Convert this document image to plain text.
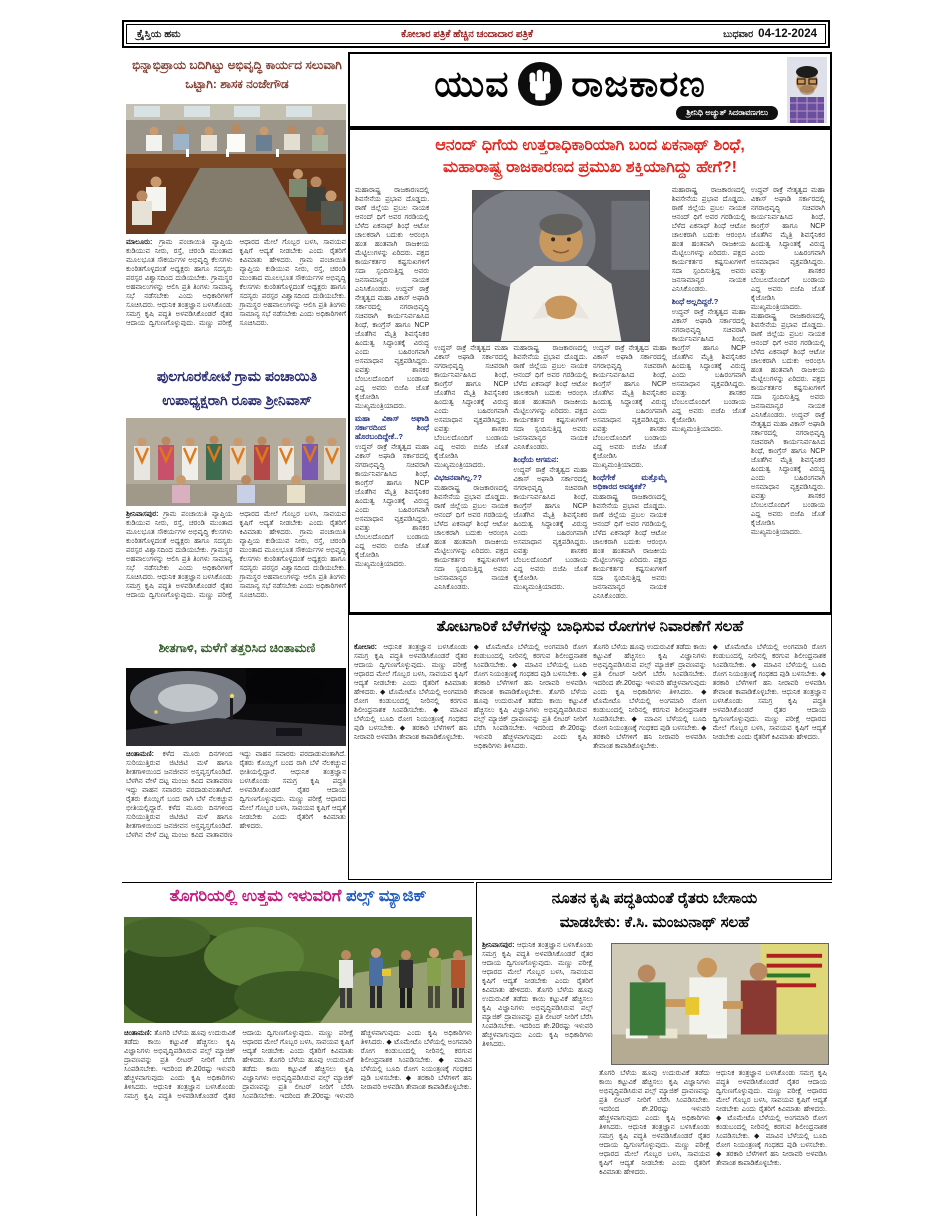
ಕ್ರೈಸ್ತಿಯ ಹಮ	ಕೋಲಾರ ಪತ್ರಿಕೆ ಹೆಚ್ಚಿನ ಚಂದಾದಾರ ಪತ್ರಿಕೆ	ಬುಧವಾರ 04-12-2024
ಭಿನ್ನಾಭಿಪ್ರಾಯ ಬದಿಗಿಟ್ಟು ಅಭಿವೃದ್ಧಿ ಕಾರ್ಯದ ಸಲುವಾಗಿ ಒಟ್ಟಾಗಿ: ಶಾಸಕ ನಂಜೇಗೌಡ
ಮಾಲೂರು: ಗ್ರಾಮ ಪಂಚಾಯಿತಿ ವ್ಯಾಪ್ತಿಯ ಕುಡಿಯುವ ನೀರು, ರಸ್ತೆ, ಚರಂಡಿ ಮುಂತಾದ ಮೂಲಭೂತ ಸೌಕರ್ಯಗಳ ಅಭಿವೃದ್ಧಿ ಕೆಲಸಗಳು ಕುಂಠಿತಗೊಳ್ಳದಂತೆ ಅಧ್ಯಕ್ಷರು ಹಾಗೂ ಸದಸ್ಯರು ಪರಸ್ಪರ ವಿಶ್ವಾಸದಿಂದ ದುಡಿಯಬೇಕು. ಗ್ರಾಮಸ್ಥರ ಅಹವಾಲುಗಳನ್ನು ಆಲಿಸಿ ಪ್ರತಿ ತಿಂಗಳು ಸಾಮಾನ್ಯ ಸಭೆ ನಡೆಸಬೇಕು ಎಂದು ಅಧಿಕಾರಿಗಳಿಗೆ ಸೂಚಿಸಿದರು. ಆಧುನಿಕ ತಂತ್ರಜ್ಞಾನ ಬಳಸಿಕೊಂಡು ಸಮಗ್ರ ಕೃಷಿ ಪದ್ಧತಿ ಅಳವಡಿಸಿಕೊಂಡರೆ ರೈತರ ಆದಾಯ ದ್ವಿಗುಣಗೊಳ್ಳುವುದು. ಮಣ್ಣು ಪರೀಕ್ಷೆ ಆಧಾರದ ಮೇಲೆ ಗೊಬ್ಬರ ಬಳಸಿ, ಸಾವಯವ ಕೃಷಿಗೆ ಆದ್ಯತೆ ನೀಡಬೇಕು ಎಂದು ರೈತರಿಗೆ ಕಿವಿಮಾತು ಹೇಳಿದರು. ಗ್ರಾಮ ಪಂಚಾಯಿತಿ ವ್ಯಾಪ್ತಿಯ ಕುಡಿಯುವ ನೀರು, ರಸ್ತೆ, ಚರಂಡಿ ಮುಂತಾದ ಮೂಲಭೂತ ಸೌಕರ್ಯಗಳ ಅಭಿವೃದ್ಧಿ ಕೆಲಸಗಳು ಕುಂಠಿತಗೊಳ್ಳದಂತೆ ಅಧ್ಯಕ್ಷರು ಹಾಗೂ ಸದಸ್ಯರು ಪರಸ್ಪರ ವಿಶ್ವಾಸದಿಂದ ದುಡಿಯಬೇಕು. ಗ್ರಾಮಸ್ಥರ ಅಹವಾಲುಗಳನ್ನು ಆಲಿಸಿ ಪ್ರತಿ ತಿಂಗಳು ಸಾಮಾನ್ಯ ಸಭೆ ನಡೆಸಬೇಕು ಎಂದು ಅಧಿಕಾರಿಗಳಿಗೆ ಸೂಚಿಸಿದರು.
ಪುಲಗೂರಕೋಟೆ ಗ್ರಾಮ ಪಂಚಾಯಿತಿ ಉಪಾಧ್ಯಕ್ಷರಾಗಿ ರೂಪಾ ಶ್ರೀನಿವಾಸ್
ಶ್ರೀನಿವಾಸಪುರ: ಗ್ರಾಮ ಪಂಚಾಯಿತಿ ವ್ಯಾಪ್ತಿಯ ಕುಡಿಯುವ ನೀರು, ರಸ್ತೆ, ಚರಂಡಿ ಮುಂತಾದ ಮೂಲಭೂತ ಸೌಕರ್ಯಗಳ ಅಭಿವೃದ್ಧಿ ಕೆಲಸಗಳು ಕುಂಠಿತಗೊಳ್ಳದಂತೆ ಅಧ್ಯಕ್ಷರು ಹಾಗೂ ಸದಸ್ಯರು ಪರಸ್ಪರ ವಿಶ್ವಾಸದಿಂದ ದುಡಿಯಬೇಕು. ಗ್ರಾಮಸ್ಥರ ಅಹವಾಲುಗಳನ್ನು ಆಲಿಸಿ ಪ್ರತಿ ತಿಂಗಳು ಸಾಮಾನ್ಯ ಸಭೆ ನಡೆಸಬೇಕು ಎಂದು ಅಧಿಕಾರಿಗಳಿಗೆ ಸೂಚಿಸಿದರು. ಆಧುನಿಕ ತಂತ್ರಜ್ಞಾನ ಬಳಸಿಕೊಂಡು ಸಮಗ್ರ ಕೃಷಿ ಪದ್ಧತಿ ಅಳವಡಿಸಿಕೊಂಡರೆ ರೈತರ ಆದಾಯ ದ್ವಿಗುಣಗೊಳ್ಳುವುದು. ಮಣ್ಣು ಪರೀಕ್ಷೆ ಆಧಾರದ ಮೇಲೆ ಗೊಬ್ಬರ ಬಳಸಿ, ಸಾವಯವ ಕೃಷಿಗೆ ಆದ್ಯತೆ ನೀಡಬೇಕು ಎಂದು ರೈತರಿಗೆ ಕಿವಿಮಾತು ಹೇಳಿದರು. ಗ್ರಾಮ ಪಂಚಾಯಿತಿ ವ್ಯಾಪ್ತಿಯ ಕುಡಿಯುವ ನೀರು, ರಸ್ತೆ, ಚರಂಡಿ ಮುಂತಾದ ಮೂಲಭೂತ ಸೌಕರ್ಯಗಳ ಅಭಿವೃದ್ಧಿ ಕೆಲಸಗಳು ಕುಂಠಿತಗೊಳ್ಳದಂತೆ ಅಧ್ಯಕ್ಷರು ಹಾಗೂ ಸದಸ್ಯರು ಪರಸ್ಪರ ವಿಶ್ವಾಸದಿಂದ ದುಡಿಯಬೇಕು. ಗ್ರಾಮಸ್ಥರ ಅಹವಾಲುಗಳನ್ನು ಆಲಿಸಿ ಪ್ರತಿ ತಿಂಗಳು ಸಾಮಾನ್ಯ ಸಭೆ ನಡೆಸಬೇಕು ಎಂದು ಅಧಿಕಾರಿಗಳಿಗೆ ಸೂಚಿಸಿದರು.
ಶೀತಗಾಳಿ, ಮಳೆಗೆ ತತ್ತರಿಸಿದ ಚಿಂತಾಮಣಿ
ಚಿಂತಾಮಣಿ: ಕಳೆದ ಮೂರು ದಿನಗಳಿಂದ ಸುರಿಯುತ್ತಿರುವ ಜಿಟಿಜಿಟಿ ಮಳೆ ಹಾಗೂ ಶೀತಗಾಳಿಯಿಂದ ಜನಜೀವನ ಅಸ್ತವ್ಯಸ್ತಗೊಂಡಿದೆ. ಬೆಳಗಿನ ವೇಳೆ ದಟ್ಟ ಮಂಜು ಕವಿದ ವಾತಾವರಣ ಇದ್ದು ವಾಹನ ಸವಾರರು ಪರದಾಡುವಂತಾಗಿದೆ. ರೈತರು ಕೊಯ್ಲಿಗೆ ಬಂದ ರಾಗಿ ಬೆಳೆ ನೆಲಕಚ್ಚುವ ಭೀತಿಯಲ್ಲಿದ್ದಾರೆ. ಕಳೆದ ಮೂರು ದಿನಗಳಿಂದ ಸುರಿಯುತ್ತಿರುವ ಜಿಟಿಜಿಟಿ ಮಳೆ ಹಾಗೂ ಶೀತಗಾಳಿಯಿಂದ ಜನಜೀವನ ಅಸ್ತವ್ಯಸ್ತಗೊಂಡಿದೆ. ಬೆಳಗಿನ ವೇಳೆ ದಟ್ಟ ಮಂಜು ಕವಿದ ವಾತಾವರಣ ಇದ್ದು ವಾಹನ ಸವಾರರು ಪರದಾಡುವಂತಾಗಿದೆ. ರೈತರು ಕೊಯ್ಲಿಗೆ ಬಂದ ರಾಗಿ ಬೆಳೆ ನೆಲಕಚ್ಚುವ ಭೀತಿಯಲ್ಲಿದ್ದಾರೆ. ಆಧುನಿಕ ತಂತ್ರಜ್ಞಾನ ಬಳಸಿಕೊಂಡು ಸಮಗ್ರ ಕೃಷಿ ಪದ್ಧತಿ ಅಳವಡಿಸಿಕೊಂಡರೆ ರೈತರ ಆದಾಯ ದ್ವಿಗುಣಗೊಳ್ಳುವುದು. ಮಣ್ಣು ಪರೀಕ್ಷೆ ಆಧಾರದ ಮೇಲೆ ಗೊಬ್ಬರ ಬಳಸಿ, ಸಾವಯವ ಕೃಷಿಗೆ ಆದ್ಯತೆ ನೀಡಬೇಕು ಎಂದು ರೈತರಿಗೆ ಕಿವಿಮಾತು ಹೇಳಿದರು.
ಯುವ ರಾಜಕಾರಣ
ಶ್ರೀನಿಧಿ ಅಚ್ಯುತ್ ಸಿದರಾವಣಗಲು
ಆನಂದ್ ಧಿಗೆಯ ಉತ್ತರಾಧಿಕಾರಿಯಾಗಿ ಬಂದ ಏಕನಾಥ್ ಶಿಂಧೆ,
ಮಹಾರಾಷ್ಟ್ರ ರಾಜಕಾರಣದ ಪ್ರಮುಖ ಶಕ್ತಿಯಾಗಿದ್ದು ಹೇಗೆ?!
ಮಹಾರಾಷ್ಟ್ರ ರಾಜಕಾರಣದಲ್ಲಿ ಶಿವಸೇನೆಯ ಪ್ರಭಾವ ದೊಡ್ಡದು. ಠಾಣೆ ಜಿಲ್ಲೆಯ ಪ್ರಬಲ ನಾಯಕ ಆನಂದ್ ಧಿಗೆ ಅವರ ಗರಡಿಯಲ್ಲಿ ಬೆಳೆದ ಏಕನಾಥ್ ಶಿಂಧೆ ಆಟೋ ಚಾಲಕರಾಗಿ ಬದುಕು ಆರಂಭಿಸಿ ಹಂತ ಹಂತವಾಗಿ ರಾಜಕೀಯ ಮೆಟ್ಟಿಲುಗಳನ್ನು ಏರಿದರು. ಪಕ್ಷದ ಕಾರ್ಯಕರ್ತರ ಕಷ್ಟಸುಖಗಳಿಗೆ ಸದಾ ಸ್ಪಂದಿಸುತ್ತಿದ್ದ ಅವರು ಜನಸಾಮಾನ್ಯರ ನಾಯಕ ಎನಿಸಿಕೊಂಡರು. ಉದ್ಧವ್ ಠಾಕ್ರೆ ನೇತೃತ್ವದ ಮಹಾ ವಿಕಾಸ್ ಅಘಾಡಿ ಸರ್ಕಾರದಲ್ಲಿ ನಗರಾಭಿವೃದ್ಧಿ ಸಚಿವರಾಗಿ ಕಾರ್ಯನಿರ್ವಹಿಸಿದ ಶಿಂಧೆ, ಕಾಂಗ್ರೆಸ್ ಹಾಗೂ NCP ಜೊತೆಗಿನ ಮೈತ್ರಿ ಶಿವಸೈನಿಕರ ಹಿಂದುತ್ವ ಸಿದ್ಧಾಂತಕ್ಕೆ ವಿರುದ್ಧ ಎಂದು ಬಹಿರಂಗವಾಗಿ ಅಸಮಾಧಾನ ವ್ಯಕ್ತಪಡಿಸಿದ್ದರು. ಐವತ್ತು ಶಾಸಕರ ಬೆಂಬಲದೊಂದಿಗೆ ಬಂಡಾಯ ಎದ್ದ ಅವರು ಬಿಜೆಪಿ ಜೊತೆ ಕೈಜೋಡಿಸಿ ಮುಖ್ಯಮಂತ್ರಿಯಾದರು.
ಮಹಾ ವಿಕಾಸ್ ಅಘಾಡಿ ಸರ್ಕಾರದಿಂದ ಶಿಂಧೆ ಹೊರಬಂದಿದ್ದೇಕೆ..?
ಉದ್ಧವ್ ಠಾಕ್ರೆ ನೇತೃತ್ವದ ಮಹಾ ವಿಕಾಸ್ ಅಘಾಡಿ ಸರ್ಕಾರದಲ್ಲಿ ನಗರಾಭಿವೃದ್ಧಿ ಸಚಿವರಾಗಿ ಕಾರ್ಯನಿರ್ವಹಿಸಿದ ಶಿಂಧೆ, ಕಾಂಗ್ರೆಸ್ ಹಾಗೂ NCP ಜೊತೆಗಿನ ಮೈತ್ರಿ ಶಿವಸೈನಿಕರ ಹಿಂದುತ್ವ ಸಿದ್ಧಾಂತಕ್ಕೆ ವಿರುದ್ಧ ಎಂದು ಬಹಿರಂಗವಾಗಿ ಅಸಮಾಧಾನ ವ್ಯಕ್ತಪಡಿಸಿದ್ದರು. ಐವತ್ತು ಶಾಸಕರ ಬೆಂಬಲದೊಂದಿಗೆ ಬಂಡಾಯ ಎದ್ದ ಅವರು ಬಿಜೆಪಿ ಜೊತೆ ಕೈಜೋಡಿಸಿ ಮುಖ್ಯಮಂತ್ರಿಯಾದರು.
ಉದ್ಧವ್ ಠಾಕ್ರೆ ನೇತೃತ್ವದ ಮಹಾ ವಿಕಾಸ್ ಅಘಾಡಿ ಸರ್ಕಾರದಲ್ಲಿ ನಗರಾಭಿವೃದ್ಧಿ ಸಚಿವರಾಗಿ ಕಾರ್ಯನಿರ್ವಹಿಸಿದ ಶಿಂಧೆ, ಕಾಂಗ್ರೆಸ್ ಹಾಗೂ NCP ಜೊತೆಗಿನ ಮೈತ್ರಿ ಶಿವಸೈನಿಕರ ಹಿಂದುತ್ವ ಸಿದ್ಧಾಂತಕ್ಕೆ ವಿರುದ್ಧ ಎಂದು ಬಹಿರಂಗವಾಗಿ ಅಸಮಾಧಾನ ವ್ಯಕ್ತಪಡಿಸಿದ್ದರು. ಐವತ್ತು ಶಾಸಕರ ಬೆಂಬಲದೊಂದಿಗೆ ಬಂಡಾಯ ಎದ್ದ ಅವರು ಬಿಜೆಪಿ ಜೊತೆ ಕೈಜೋಡಿಸಿ ಮುಖ್ಯಮಂತ್ರಿಯಾದರು.
ವಿಭಜನವಾಗಿಲ್ಲ.??
ಮಹಾರಾಷ್ಟ್ರ ರಾಜಕಾರಣದಲ್ಲಿ ಶಿವಸೇನೆಯ ಪ್ರಭಾವ ದೊಡ್ಡದು. ಠಾಣೆ ಜಿಲ್ಲೆಯ ಪ್ರಬಲ ನಾಯಕ ಆನಂದ್ ಧಿಗೆ ಅವರ ಗರಡಿಯಲ್ಲಿ ಬೆಳೆದ ಏಕನಾಥ್ ಶಿಂಧೆ ಆಟೋ ಚಾಲಕರಾಗಿ ಬದುಕು ಆರಂಭಿಸಿ ಹಂತ ಹಂತವಾಗಿ ರಾಜಕೀಯ ಮೆಟ್ಟಿಲುಗಳನ್ನು ಏರಿದರು. ಪಕ್ಷದ ಕಾರ್ಯಕರ್ತರ ಕಷ್ಟಸುಖಗಳಿಗೆ ಸದಾ ಸ್ಪಂದಿಸುತ್ತಿದ್ದ ಅವರು ಜನಸಾಮಾನ್ಯರ ನಾಯಕ ಎನಿಸಿಕೊಂಡರು.
ಮಹಾರಾಷ್ಟ್ರ ರಾಜಕಾರಣದಲ್ಲಿ ಶಿವಸೇನೆಯ ಪ್ರಭಾವ ದೊಡ್ಡದು. ಠಾಣೆ ಜಿಲ್ಲೆಯ ಪ್ರಬಲ ನಾಯಕ ಆನಂದ್ ಧಿಗೆ ಅವರ ಗರಡಿಯಲ್ಲಿ ಬೆಳೆದ ಏಕನಾಥ್ ಶಿಂಧೆ ಆಟೋ ಚಾಲಕರಾಗಿ ಬದುಕು ಆರಂಭಿಸಿ ಹಂತ ಹಂತವಾಗಿ ರಾಜಕೀಯ ಮೆಟ್ಟಿಲುಗಳನ್ನು ಏರಿದರು. ಪಕ್ಷದ ಕಾರ್ಯಕರ್ತರ ಕಷ್ಟಸುಖಗಳಿಗೆ ಸದಾ ಸ್ಪಂದಿಸುತ್ತಿದ್ದ ಅವರು ಜನಸಾಮಾನ್ಯರ ನಾಯಕ ಎನಿಸಿಕೊಂಡರು.
ಶಿಂಧೆಯ ಆಗಮನ:
ಉದ್ಧವ್ ಠಾಕ್ರೆ ನೇತೃತ್ವದ ಮಹಾ ವಿಕಾಸ್ ಅಘಾಡಿ ಸರ್ಕಾರದಲ್ಲಿ ನಗರಾಭಿವೃದ್ಧಿ ಸಚಿವರಾಗಿ ಕಾರ್ಯನಿರ್ವಹಿಸಿದ ಶಿಂಧೆ, ಕಾಂಗ್ರೆಸ್ ಹಾಗೂ NCP ಜೊತೆಗಿನ ಮೈತ್ರಿ ಶಿವಸೈನಿಕರ ಹಿಂದುತ್ವ ಸಿದ್ಧಾಂತಕ್ಕೆ ವಿರುದ್ಧ ಎಂದು ಬಹಿರಂಗವಾಗಿ ಅಸಮಾಧಾನ ವ್ಯಕ್ತಪಡಿಸಿದ್ದರು. ಐವತ್ತು ಶಾಸಕರ ಬೆಂಬಲದೊಂದಿಗೆ ಬಂಡಾಯ ಎದ್ದ ಅವರು ಬಿಜೆಪಿ ಜೊತೆ ಕೈಜೋಡಿಸಿ ಮುಖ್ಯಮಂತ್ರಿಯಾದರು.
ಉದ್ಧವ್ ಠಾಕ್ರೆ ನೇತೃತ್ವದ ಮಹಾ ವಿಕಾಸ್ ಅಘಾಡಿ ಸರ್ಕಾರದಲ್ಲಿ ನಗರಾಭಿವೃದ್ಧಿ ಸಚಿವರಾಗಿ ಕಾರ್ಯನಿರ್ವಹಿಸಿದ ಶಿಂಧೆ, ಕಾಂಗ್ರೆಸ್ ಹಾಗೂ NCP ಜೊತೆಗಿನ ಮೈತ್ರಿ ಶಿವಸೈನಿಕರ ಹಿಂದುತ್ವ ಸಿದ್ಧಾಂತಕ್ಕೆ ವಿರುದ್ಧ ಎಂದು ಬಹಿರಂಗವಾಗಿ ಅಸಮಾಧಾನ ವ್ಯಕ್ತಪಡಿಸಿದ್ದರು. ಐವತ್ತು ಶಾಸಕರ ಬೆಂಬಲದೊಂದಿಗೆ ಬಂಡಾಯ ಎದ್ದ ಅವರು ಬಿಜೆಪಿ ಜೊತೆ ಕೈಜೋಡಿಸಿ ಮುಖ್ಯಮಂತ್ರಿಯಾದರು.
ಶಿಂಧೆಗೇಕೆ ಮತ್ತೊಮ್ಮೆ ಅಧಿಕಾರದ ಅವಶ್ಯಕತೆ?
ಮಹಾರಾಷ್ಟ್ರ ರಾಜಕಾರಣದಲ್ಲಿ ಶಿವಸೇನೆಯ ಪ್ರಭಾವ ದೊಡ್ಡದು. ಠಾಣೆ ಜಿಲ್ಲೆಯ ಪ್ರಬಲ ನಾಯಕ ಆನಂದ್ ಧಿಗೆ ಅವರ ಗರಡಿಯಲ್ಲಿ ಬೆಳೆದ ಏಕನಾಥ್ ಶಿಂಧೆ ಆಟೋ ಚಾಲಕರಾಗಿ ಬದುಕು ಆರಂಭಿಸಿ ಹಂತ ಹಂತವಾಗಿ ರಾಜಕೀಯ ಮೆಟ್ಟಿಲುಗಳನ್ನು ಏರಿದರು. ಪಕ್ಷದ ಕಾರ್ಯಕರ್ತರ ಕಷ್ಟಸುಖಗಳಿಗೆ ಸದಾ ಸ್ಪಂದಿಸುತ್ತಿದ್ದ ಅವರು ಜನಸಾಮಾನ್ಯರ ನಾಯಕ ಎನಿಸಿಕೊಂಡರು.
ಮಹಾರಾಷ್ಟ್ರ ರಾಜಕಾರಣದಲ್ಲಿ ಶಿವಸೇನೆಯ ಪ್ರಭಾವ ದೊಡ್ಡದು. ಠಾಣೆ ಜಿಲ್ಲೆಯ ಪ್ರಬಲ ನಾಯಕ ಆನಂದ್ ಧಿಗೆ ಅವರ ಗರಡಿಯಲ್ಲಿ ಬೆಳೆದ ಏಕನಾಥ್ ಶಿಂಧೆ ಆಟೋ ಚಾಲಕರಾಗಿ ಬದುಕು ಆರಂಭಿಸಿ ಹಂತ ಹಂತವಾಗಿ ರಾಜಕೀಯ ಮೆಟ್ಟಿಲುಗಳನ್ನು ಏರಿದರು. ಪಕ್ಷದ ಕಾರ್ಯಕರ್ತರ ಕಷ್ಟಸುಖಗಳಿಗೆ ಸದಾ ಸ್ಪಂದಿಸುತ್ತಿದ್ದ ಅವರು ಜನಸಾಮಾನ್ಯರ ನಾಯಕ ಎನಿಸಿಕೊಂಡರು.
ಶಿಂಧೆ ಅಲ್ಲದಿದ್ದರೆ.?
ಉದ್ಧವ್ ಠಾಕ್ರೆ ನೇತೃತ್ವದ ಮಹಾ ವಿಕಾಸ್ ಅಘಾಡಿ ಸರ್ಕಾರದಲ್ಲಿ ನಗರಾಭಿವೃದ್ಧಿ ಸಚಿವರಾಗಿ ಕಾರ್ಯನಿರ್ವಹಿಸಿದ ಶಿಂಧೆ, ಕಾಂಗ್ರೆಸ್ ಹಾಗೂ NCP ಜೊತೆಗಿನ ಮೈತ್ರಿ ಶಿವಸೈನಿಕರ ಹಿಂದುತ್ವ ಸಿದ್ಧಾಂತಕ್ಕೆ ವಿರುದ್ಧ ಎಂದು ಬಹಿರಂಗವಾಗಿ ಅಸಮಾಧಾನ ವ್ಯಕ್ತಪಡಿಸಿದ್ದರು. ಐವತ್ತು ಶಾಸಕರ ಬೆಂಬಲದೊಂದಿಗೆ ಬಂಡಾಯ ಎದ್ದ ಅವರು ಬಿಜೆಪಿ ಜೊತೆ ಕೈಜೋಡಿಸಿ ಮುಖ್ಯಮಂತ್ರಿಯಾದರು.
ಉದ್ಧವ್ ಠಾಕ್ರೆ ನೇತೃತ್ವದ ಮಹಾ ವಿಕಾಸ್ ಅಘಾಡಿ ಸರ್ಕಾರದಲ್ಲಿ ನಗರಾಭಿವೃದ್ಧಿ ಸಚಿವರಾಗಿ ಕಾರ್ಯನಿರ್ವಹಿಸಿದ ಶಿಂಧೆ, ಕಾಂಗ್ರೆಸ್ ಹಾಗೂ NCP ಜೊತೆಗಿನ ಮೈತ್ರಿ ಶಿವಸೈನಿಕರ ಹಿಂದುತ್ವ ಸಿದ್ಧಾಂತಕ್ಕೆ ವಿರುದ್ಧ ಎಂದು ಬಹಿರಂಗವಾಗಿ ಅಸಮಾಧಾನ ವ್ಯಕ್ತಪಡಿಸಿದ್ದರು. ಐವತ್ತು ಶಾಸಕರ ಬೆಂಬಲದೊಂದಿಗೆ ಬಂಡಾಯ ಎದ್ದ ಅವರು ಬಿಜೆಪಿ ಜೊತೆ ಕೈಜೋಡಿಸಿ ಮುಖ್ಯಮಂತ್ರಿಯಾದರು.ಮಹಾರಾಷ್ಟ್ರ ರಾಜಕಾರಣದಲ್ಲಿ ಶಿವಸೇನೆಯ ಪ್ರಭಾವ ದೊಡ್ಡದು. ಠಾಣೆ ಜಿಲ್ಲೆಯ ಪ್ರಬಲ ನಾಯಕ ಆನಂದ್ ಧಿಗೆ ಅವರ ಗರಡಿಯಲ್ಲಿ ಬೆಳೆದ ಏಕನಾಥ್ ಶಿಂಧೆ ಆಟೋ ಚಾಲಕರಾಗಿ ಬದುಕು ಆರಂಭಿಸಿ ಹಂತ ಹಂತವಾಗಿ ರಾಜಕೀಯ ಮೆಟ್ಟಿಲುಗಳನ್ನು ಏರಿದರು. ಪಕ್ಷದ ಕಾರ್ಯಕರ್ತರ ಕಷ್ಟಸುಖಗಳಿಗೆ ಸದಾ ಸ್ಪಂದಿಸುತ್ತಿದ್ದ ಅವರು ಜನಸಾಮಾನ್ಯರ ನಾಯಕ ಎನಿಸಿಕೊಂಡರು. ಉದ್ಧವ್ ಠಾಕ್ರೆ ನೇತೃತ್ವದ ಮಹಾ ವಿಕಾಸ್ ಅಘಾಡಿ ಸರ್ಕಾರದಲ್ಲಿ ನಗರಾಭಿವೃದ್ಧಿ ಸಚಿವರಾಗಿ ಕಾರ್ಯನಿರ್ವಹಿಸಿದ ಶಿಂಧೆ, ಕಾಂಗ್ರೆಸ್ ಹಾಗೂ NCP ಜೊತೆಗಿನ ಮೈತ್ರಿ ಶಿವಸೈನಿಕರ ಹಿಂದುತ್ವ ಸಿದ್ಧಾಂತಕ್ಕೆ ವಿರುದ್ಧ ಎಂದು ಬಹಿರಂಗವಾಗಿ ಅಸಮಾಧಾನ ವ್ಯಕ್ತಪಡಿಸಿದ್ದರು. ಐವತ್ತು ಶಾಸಕರ ಬೆಂಬಲದೊಂದಿಗೆ ಬಂಡಾಯ ಎದ್ದ ಅವರು ಬಿಜೆಪಿ ಜೊತೆ ಕೈಜೋಡಿಸಿ ಮುಖ್ಯಮಂತ್ರಿಯಾದರು.
ತೋಟಗಾರಿಕೆ ಬೆಳೆಗಳನ್ನು ಬಾಧಿಸುವ ರೋಗಗಳ ನಿವಾರಣೆಗೆ ಸಲಹೆ
ಕೋಲಾರ: ಆಧುನಿಕ ತಂತ್ರಜ್ಞಾನ ಬಳಸಿಕೊಂಡು ಸಮಗ್ರ ಕೃಷಿ ಪದ್ಧತಿ ಅಳವಡಿಸಿಕೊಂಡರೆ ರೈತರ ಆದಾಯ ದ್ವಿಗುಣಗೊಳ್ಳುವುದು. ಮಣ್ಣು ಪರೀಕ್ಷೆ ಆಧಾರದ ಮೇಲೆ ಗೊಬ್ಬರ ಬಳಸಿ, ಸಾವಯವ ಕೃಷಿಗೆ ಆದ್ಯತೆ ನೀಡಬೇಕು ಎಂದು ರೈತರಿಗೆ ಕಿವಿಮಾತು ಹೇಳಿದರು. ◆ ಟೊಮೇಟೊ ಬೆಳೆಯಲ್ಲಿ ಅಂಗಮಾರಿ ರೋಗ ಕಂಡುಬಂದಲ್ಲಿ ನೀರಿನಲ್ಲಿ ಕರಗುವ ಶಿಲೀಂಧ್ರನಾಶಕ ಸಿಂಪಡಿಸಬೇಕು. ◆ ಮಾವಿನ ಬೆಳೆಯಲ್ಲಿ ಬೂದಿ ರೋಗ ನಿಯಂತ್ರಣಕ್ಕೆ ಗಂಧಕದ ಪುಡಿ ಬಳಸಬೇಕು. ◆ ತರಕಾರಿ ಬೆಳೆಗಳಿಗೆ ಹನಿ ನೀರಾವರಿ ಅಳವಡಿಸಿ ತೇವಾಂಶ ಕಾಪಾಡಿಕೊಳ್ಳಬೇಕು.
◆ ಟೊಮೇಟೊ ಬೆಳೆಯಲ್ಲಿ ಅಂಗಮಾರಿ ರೋಗ ಕಂಡುಬಂದಲ್ಲಿ ನೀರಿನಲ್ಲಿ ಕರಗುವ ಶಿಲೀಂಧ್ರನಾಶಕ ಸಿಂಪಡಿಸಬೇಕು. ◆ ಮಾವಿನ ಬೆಳೆಯಲ್ಲಿ ಬೂದಿ ರೋಗ ನಿಯಂತ್ರಣಕ್ಕೆ ಗಂಧಕದ ಪುಡಿ ಬಳಸಬೇಕು. ◆ ತರಕಾರಿ ಬೆಳೆಗಳಿಗೆ ಹನಿ ನೀರಾವರಿ ಅಳವಡಿಸಿ ತೇವಾಂಶ ಕಾಪಾಡಿಕೊಳ್ಳಬೇಕು. ತೊಗರಿ ಬೆಳೆಯ ಹೂವು ಉದುರುವಿಕೆ ತಡೆದು ಕಾಯಿ ಕಟ್ಟುವಿಕೆ ಹೆಚ್ಚಿಸಲು ಕೃಷಿ ವಿಜ್ಞಾನಿಗಳು ಅಭಿವೃದ್ಧಿಪಡಿಸಿರುವ ಪಲ್ಸ್ ಮ್ಯಾಜಿಕ್ ದ್ರಾವಣವನ್ನು ಪ್ರತಿ ಲೀಟರ್ ನೀರಿಗೆ ಬೆರೆಸಿ ಸಿಂಪಡಿಸಬೇಕು. ಇದರಿಂದ ಶೇ.20ರಷ್ಟು ಇಳುವರಿ ಹೆಚ್ಚಳವಾಗುವುದು ಎಂದು ಕೃಷಿ ಅಧಿಕಾರಿಗಳು ತಿಳಿಸಿದರು.
ತೊಗರಿ ಬೆಳೆಯ ಹೂವು ಉದುರುವಿಕೆ ತಡೆದು ಕಾಯಿ ಕಟ್ಟುವಿಕೆ ಹೆಚ್ಚಿಸಲು ಕೃಷಿ ವಿಜ್ಞಾನಿಗಳು ಅಭಿವೃದ್ಧಿಪಡಿಸಿರುವ ಪಲ್ಸ್ ಮ್ಯಾಜಿಕ್ ದ್ರಾವಣವನ್ನು ಪ್ರತಿ ಲೀಟರ್ ನೀರಿಗೆ ಬೆರೆಸಿ ಸಿಂಪಡಿಸಬೇಕು. ಇದರಿಂದ ಶೇ.20ರಷ್ಟು ಇಳುವರಿ ಹೆಚ್ಚಳವಾಗುವುದು ಎಂದು ಕೃಷಿ ಅಧಿಕಾರಿಗಳು ತಿಳಿಸಿದರು. ◆ ಟೊಮೇಟೊ ಬೆಳೆಯಲ್ಲಿ ಅಂಗಮಾರಿ ರೋಗ ಕಂಡುಬಂದಲ್ಲಿ ನೀರಿನಲ್ಲಿ ಕರಗುವ ಶಿಲೀಂಧ್ರನಾಶಕ ಸಿಂಪಡಿಸಬೇಕು. ◆ ಮಾವಿನ ಬೆಳೆಯಲ್ಲಿ ಬೂದಿ ರೋಗ ನಿಯಂತ್ರಣಕ್ಕೆ ಗಂಧಕದ ಪುಡಿ ಬಳಸಬೇಕು. ◆ ತರಕಾರಿ ಬೆಳೆಗಳಿಗೆ ಹನಿ ನೀರಾವರಿ ಅಳವಡಿಸಿ ತೇವಾಂಶ ಕಾಪಾಡಿಕೊಳ್ಳಬೇಕು.
◆ ಟೊಮೇಟೊ ಬೆಳೆಯಲ್ಲಿ ಅಂಗಮಾರಿ ರೋಗ ಕಂಡುಬಂದಲ್ಲಿ ನೀರಿನಲ್ಲಿ ಕರಗುವ ಶಿಲೀಂಧ್ರನಾಶಕ ಸಿಂಪಡಿಸಬೇಕು. ◆ ಮಾವಿನ ಬೆಳೆಯಲ್ಲಿ ಬೂದಿ ರೋಗ ನಿಯಂತ್ರಣಕ್ಕೆ ಗಂಧಕದ ಪುಡಿ ಬಳಸಬೇಕು. ◆ ತರಕಾರಿ ಬೆಳೆಗಳಿಗೆ ಹನಿ ನೀರಾವರಿ ಅಳವಡಿಸಿ ತೇವಾಂಶ ಕಾಪಾಡಿಕೊಳ್ಳಬೇಕು. ಆಧುನಿಕ ತಂತ್ರಜ್ಞಾನ ಬಳಸಿಕೊಂಡು ಸಮಗ್ರ ಕೃಷಿ ಪದ್ಧತಿ ಅಳವಡಿಸಿಕೊಂಡರೆ ರೈತರ ಆದಾಯ ದ್ವಿಗುಣಗೊಳ್ಳುವುದು. ಮಣ್ಣು ಪರೀಕ್ಷೆ ಆಧಾರದ ಮೇಲೆ ಗೊಬ್ಬರ ಬಳಸಿ, ಸಾವಯವ ಕೃಷಿಗೆ ಆದ್ಯತೆ ನೀಡಬೇಕು ಎಂದು ರೈತರಿಗೆ ಕಿವಿಮಾತು ಹೇಳಿದರು.
ತೊಗರಿಯಲ್ಲಿ ಉತ್ತಮ ಇಳುವರಿಗೆ ಪಲ್ಸ್ ಮ್ಯಾಜಿಕ್
ಚಿಂತಾಮಣಿ: ತೊಗರಿ ಬೆಳೆಯ ಹೂವು ಉದುರುವಿಕೆ ತಡೆದು ಕಾಯಿ ಕಟ್ಟುವಿಕೆ ಹೆಚ್ಚಿಸಲು ಕೃಷಿ ವಿಜ್ಞಾನಿಗಳು ಅಭಿವೃದ್ಧಿಪಡಿಸಿರುವ ಪಲ್ಸ್ ಮ್ಯಾಜಿಕ್ ದ್ರಾವಣವನ್ನು ಪ್ರತಿ ಲೀಟರ್ ನೀರಿಗೆ ಬೆರೆಸಿ ಸಿಂಪಡಿಸಬೇಕು. ಇದರಿಂದ ಶೇ.20ರಷ್ಟು ಇಳುವರಿ ಹೆಚ್ಚಳವಾಗುವುದು ಎಂದು ಕೃಷಿ ಅಧಿಕಾರಿಗಳು ತಿಳಿಸಿದರು. ಆಧುನಿಕ ತಂತ್ರಜ್ಞಾನ ಬಳಸಿಕೊಂಡು ಸಮಗ್ರ ಕೃಷಿ ಪದ್ಧತಿ ಅಳವಡಿಸಿಕೊಂಡರೆ ರೈತರ ಆದಾಯ ದ್ವಿಗುಣಗೊಳ್ಳುವುದು. ಮಣ್ಣು ಪರೀಕ್ಷೆ ಆಧಾರದ ಮೇಲೆ ಗೊಬ್ಬರ ಬಳಸಿ, ಸಾವಯವ ಕೃಷಿಗೆ ಆದ್ಯತೆ ನೀಡಬೇಕು ಎಂದು ರೈತರಿಗೆ ಕಿವಿಮಾತು ಹೇಳಿದರು. ತೊಗರಿ ಬೆಳೆಯ ಹೂವು ಉದುರುವಿಕೆ ತಡೆದು ಕಾಯಿ ಕಟ್ಟುವಿಕೆ ಹೆಚ್ಚಿಸಲು ಕೃಷಿ ವಿಜ್ಞಾನಿಗಳು ಅಭಿವೃದ್ಧಿಪಡಿಸಿರುವ ಪಲ್ಸ್ ಮ್ಯಾಜಿಕ್ ದ್ರಾವಣವನ್ನು ಪ್ರತಿ ಲೀಟರ್ ನೀರಿಗೆ ಬೆರೆಸಿ ಸಿಂಪಡಿಸಬೇಕು. ಇದರಿಂದ ಶೇ.20ರಷ್ಟು ಇಳುವರಿ ಹೆಚ್ಚಳವಾಗುವುದು ಎಂದು ಕೃಷಿ ಅಧಿಕಾರಿಗಳು ತಿಳಿಸಿದರು. ◆ ಟೊಮೇಟೊ ಬೆಳೆಯಲ್ಲಿ ಅಂಗಮಾರಿ ರೋಗ ಕಂಡುಬಂದಲ್ಲಿ ನೀರಿನಲ್ಲಿ ಕರಗುವ ಶಿಲೀಂಧ್ರನಾಶಕ ಸಿಂಪಡಿಸಬೇಕು. ◆ ಮಾವಿನ ಬೆಳೆಯಲ್ಲಿ ಬೂದಿ ರೋಗ ನಿಯಂತ್ರಣಕ್ಕೆ ಗಂಧಕದ ಪುಡಿ ಬಳಸಬೇಕು. ◆ ತರಕಾರಿ ಬೆಳೆಗಳಿಗೆ ಹನಿ ನೀರಾವರಿ ಅಳವಡಿಸಿ ತೇವಾಂಶ ಕಾಪಾಡಿಕೊಳ್ಳಬೇಕು.
ನೂತನ ಕೃಷಿ ಪದ್ಧತಿಯಂತೆ ರೈತರು ಬೇಸಾಯ
ಮಾಡಬೇಕು: ಕೆ.ಸಿ. ಮಂಜುನಾಥ್ ಸಲಹೆ
ಶ್ರೀನಿವಾಸಪುರ: ಆಧುನಿಕ ತಂತ್ರಜ್ಞಾನ ಬಳಸಿಕೊಂಡು ಸಮಗ್ರ ಕೃಷಿ ಪದ್ಧತಿ ಅಳವಡಿಸಿಕೊಂಡರೆ ರೈತರ ಆದಾಯ ದ್ವಿಗುಣಗೊಳ್ಳುವುದು. ಮಣ್ಣು ಪರೀಕ್ಷೆ ಆಧಾರದ ಮೇಲೆ ಗೊಬ್ಬರ ಬಳಸಿ, ಸಾವಯವ ಕೃಷಿಗೆ ಆದ್ಯತೆ ನೀಡಬೇಕು ಎಂದು ರೈತರಿಗೆ ಕಿವಿಮಾತು ಹೇಳಿದರು. ತೊಗರಿ ಬೆಳೆಯ ಹೂವು ಉದುರುವಿಕೆ ತಡೆದು ಕಾಯಿ ಕಟ್ಟುವಿಕೆ ಹೆಚ್ಚಿಸಲು ಕೃಷಿ ವಿಜ್ಞಾನಿಗಳು ಅಭಿವೃದ್ಧಿಪಡಿಸಿರುವ ಪಲ್ಸ್ ಮ್ಯಾಜಿಕ್ ದ್ರಾವಣವನ್ನು ಪ್ರತಿ ಲೀಟರ್ ನೀರಿಗೆ ಬೆರೆಸಿ ಸಿಂಪಡಿಸಬೇಕು. ಇದರಿಂದ ಶೇ.20ರಷ್ಟು ಇಳುವರಿ ಹೆಚ್ಚಳವಾಗುವುದು ಎಂದು ಕೃಷಿ ಅಧಿಕಾರಿಗಳು ತಿಳಿಸಿದರು.
ತೊಗರಿ ಬೆಳೆಯ ಹೂವು ಉದುರುವಿಕೆ ತಡೆದು ಕಾಯಿ ಕಟ್ಟುವಿಕೆ ಹೆಚ್ಚಿಸಲು ಕೃಷಿ ವಿಜ್ಞಾನಿಗಳು ಅಭಿವೃದ್ಧಿಪಡಿಸಿರುವ ಪಲ್ಸ್ ಮ್ಯಾಜಿಕ್ ದ್ರಾವಣವನ್ನು ಪ್ರತಿ ಲೀಟರ್ ನೀರಿಗೆ ಬೆರೆಸಿ ಸಿಂಪಡಿಸಬೇಕು. ಇದರಿಂದ ಶೇ.20ರಷ್ಟು ಇಳುವರಿ ಹೆಚ್ಚಳವಾಗುವುದು ಎಂದು ಕೃಷಿ ಅಧಿಕಾರಿಗಳು ತಿಳಿಸಿದರು. ಆಧುನಿಕ ತಂತ್ರಜ್ಞಾನ ಬಳಸಿಕೊಂಡು ಸಮಗ್ರ ಕೃಷಿ ಪದ್ಧತಿ ಅಳವಡಿಸಿಕೊಂಡರೆ ರೈತರ ಆದಾಯ ದ್ವಿಗುಣಗೊಳ್ಳುವುದು. ಮಣ್ಣು ಪರೀಕ್ಷೆ ಆಧಾರದ ಮೇಲೆ ಗೊಬ್ಬರ ಬಳಸಿ, ಸಾವಯವ ಕೃಷಿಗೆ ಆದ್ಯತೆ ನೀಡಬೇಕು ಎಂದು ರೈತರಿಗೆ ಕಿವಿಮಾತು ಹೇಳಿದರು.
ಆಧುನಿಕ ತಂತ್ರಜ್ಞಾನ ಬಳಸಿಕೊಂಡು ಸಮಗ್ರ ಕೃಷಿ ಪದ್ಧತಿ ಅಳವಡಿಸಿಕೊಂಡರೆ ರೈತರ ಆದಾಯ ದ್ವಿಗುಣಗೊಳ್ಳುವುದು. ಮಣ್ಣು ಪರೀಕ್ಷೆ ಆಧಾರದ ಮೇಲೆ ಗೊಬ್ಬರ ಬಳಸಿ, ಸಾವಯವ ಕೃಷಿಗೆ ಆದ್ಯತೆ ನೀಡಬೇಕು ಎಂದು ರೈತರಿಗೆ ಕಿವಿಮಾತು ಹೇಳಿದರು.◆ ಟೊಮೇಟೊ ಬೆಳೆಯಲ್ಲಿ ಅಂಗಮಾರಿ ರೋಗ ಕಂಡುಬಂದಲ್ಲಿ ನೀರಿನಲ್ಲಿ ಕರಗುವ ಶಿಲೀಂಧ್ರನಾಶಕ ಸಿಂಪಡಿಸಬೇಕು. ◆ ಮಾವಿನ ಬೆಳೆಯಲ್ಲಿ ಬೂದಿ ರೋಗ ನಿಯಂತ್ರಣಕ್ಕೆ ಗಂಧಕದ ಪುಡಿ ಬಳಸಬೇಕು. ◆ ತರಕಾರಿ ಬೆಳೆಗಳಿಗೆ ಹನಿ ನೀರಾವರಿ ಅಳವಡಿಸಿ ತೇವಾಂಶ ಕಾಪಾಡಿಕೊಳ್ಳಬೇಕು.
